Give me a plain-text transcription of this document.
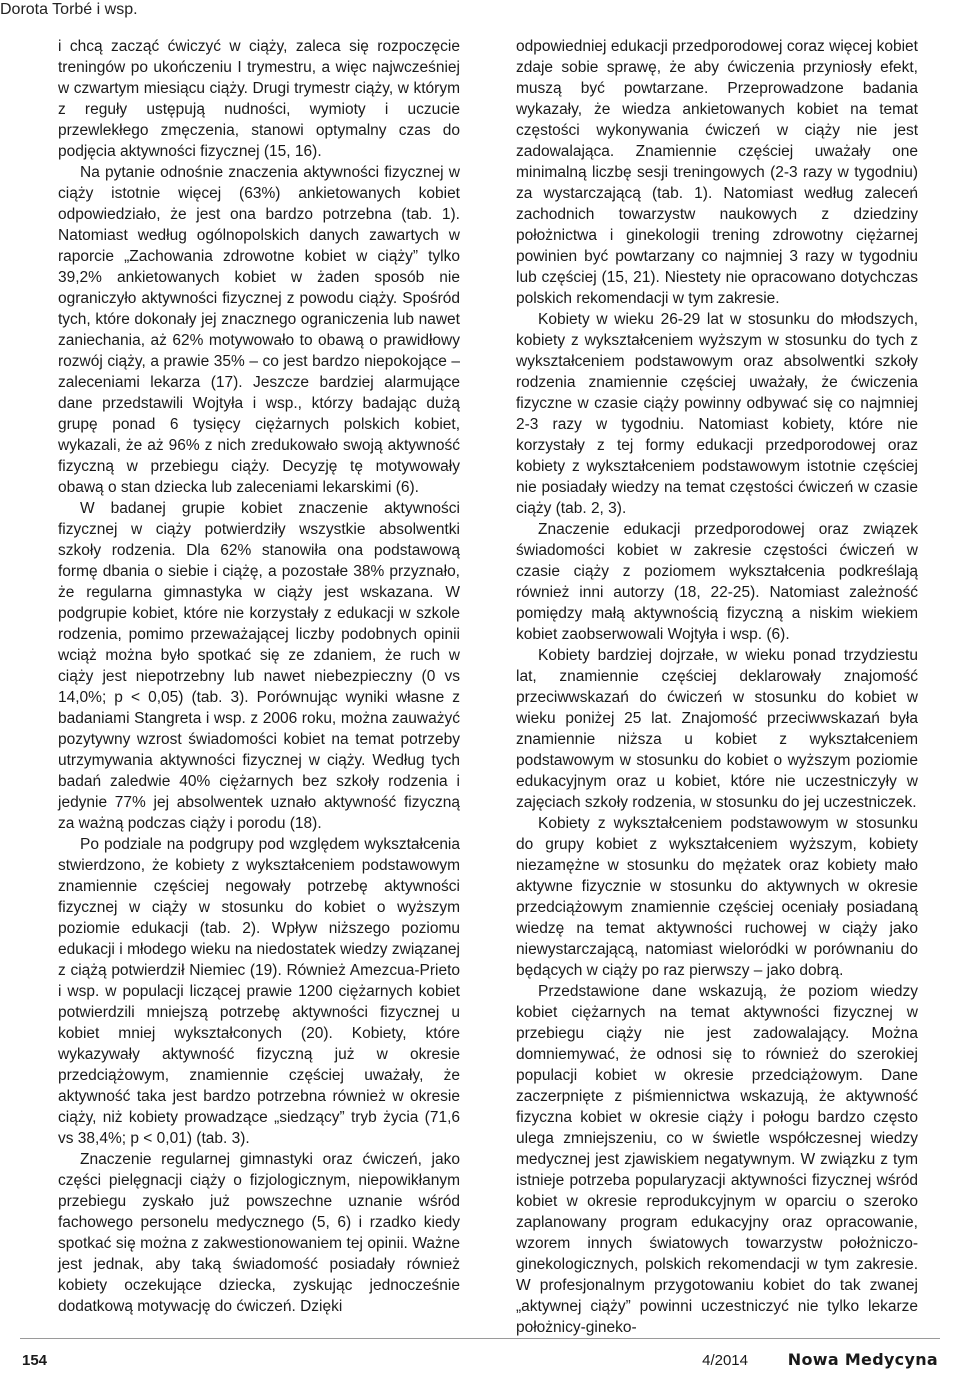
Dorota Torbé i wsp.

i chcą zacząć ćwiczyć w ciąży, zaleca się rozpoczęcie treningów po ukończeniu I trymestru, a więc najwcześniej w czwartym miesiącu ciąży. Drugi trymestr ciąży, w którym z reguły ustępują nudności, wymioty i uczucie przewlekłego zmęczenia, stanowi optymalny czas do podjęcia aktywności fizycznej (15, 16).

Na pytanie odnośnie znaczenia aktywności fizycznej w ciąży istotnie więcej (63%) ankietowanych kobiet odpowiedziało, że jest ona bardzo potrzebna (tab. 1). Natomiast według ogólnopolskich danych zawartych w raporcie „Zachowania zdrowotne kobiet w ciąży” tylko 39,2% ankietowanych kobiet w żaden sposób nie ograniczyło aktywności fizycznej z powodu ciąży. Spośród tych, które dokonały jej znacznego ograniczenia lub nawet zaniechania, aż 62% motywowało to obawą o prawidłowy rozwój ciąży, a prawie 35% – co jest bardzo niepokojące – zaleceniami lekarza (17). Jeszcze bardziej alarmujące dane przedstawili Wojtyła i wsp., którzy badając dużą grupę ponad 6 tysięcy ciężarnych polskich kobiet, wykazali, że aż 96% z nich zredukowało swoją aktywność fizyczną w przebiegu ciąży. Decyzję tę motywowały obawą o stan dziecka lub zaleceniami lekarskimi (6).

W badanej grupie kobiet znaczenie aktywności fizycznej w ciąży potwierdziły wszystkie absolwentki szkoły rodzenia. Dla 62% stanowiła ona podstawową formę dbania o siebie i ciążę, a pozostałe 38% przyznało, że regularna gimnastyka w ciąży jest wskazana. W podgrupie kobiet, które nie korzystały z edukacji w szkole rodzenia, pomimo przeważającej liczby podobnych opinii wciąż można było spotkać się ze zdaniem, że ruch w ciąży jest niepotrzebny lub nawet niebezpieczny (0 vs 14,0%; p < 0,05) (tab. 3). Porównując wyniki własne z badaniami Stangreta i wsp. z 2006 roku, można zauważyć pozytywny wzrost świadomości kobiet na temat potrzeby utrzymywania aktywności fizycznej w ciąży. Według tych badań zaledwie 40% ciężarnych bez szkoły rodzenia i jedynie 77% jej absolwentek uznało aktywność fizyczną za ważną podczas ciąży i porodu (18).

Po podziale na podgrupy pod względem wykształcenia stwierdzono, że kobiety z wykształceniem podstawowym znamiennie częściej negowały potrzebę aktywności fizycznej w ciąży w stosunku do kobiet o wyższym poziomie edukacji (tab. 2). Wpływ niższego poziomu edukacji i młodego wieku na niedostatek wiedzy związanej z ciążą potwierdził Niemiec (19). Również Amezcua-Prieto i wsp. w populacji liczącej prawie 1200 ciężarnych kobiet potwierdzili mniejszą potrzebę aktywności fizycznej u kobiet mniej wykształconych (20). Kobiety, które wykazywały aktywność fizyczną już w okresie przedciążowym, znamiennie częściej uważały, że aktywność taka jest bardzo potrzebna również w okresie ciąży, niż kobiety prowadzące „siedzący” tryb życia (71,6 vs 38,4%; p < 0,01) (tab. 3).

Znaczenie regularnej gimnastyki oraz ćwiczeń, jako części pielęgnacji ciąży o fizjologicznym, niepowikłanym przebiegu zyskało już powszechne uznanie wśród fachowego personelu medycznego (5, 6) i rzadko kiedy spotkać się można z zakwestionowaniem tej opinii. Ważne jest jednak, aby taką świadomość posiadały również kobiety oczekujące dziecka, zyskując jednocześnie dodatkową motywację do ćwiczeń. Dzięki

odpowiedniej edukacji przedporodowej coraz więcej kobiet zdaje sobie sprawę, że aby ćwiczenia przyniosły efekt, muszą być powtarzane. Przeprowadzone badania wykazały, że wiedza ankietowanych kobiet na temat częstości wykonywania ćwiczeń w ciąży nie jest zadowalająca. Znamiennie częściej uważały one minimalną liczbę sesji treningowych (2-3 razy w tygodniu) za wystarczającą (tab. 1). Natomiast według zaleceń zachodnich towarzystw naukowych z dziedziny położnictwa i ginekologii trening zdrowotny ciężarnej powinien być powtarzany co najmniej 3 razy w tygodniu lub częściej (15, 21). Niestety nie opracowano dotychczas polskich rekomendacji w tym zakresie.

Kobiety w wieku 26-29 lat w stosunku do młodszych, kobiety z wykształceniem wyższym w stosunku do tych z wykształceniem podstawowym oraz absolwentki szkoły rodzenia znamiennie częściej uważały, że ćwiczenia fizyczne w czasie ciąży powinny odbywać się co najmniej 2-3 razy w tygodniu. Natomiast kobiety, które nie korzystały z tej formy edukacji przedporodowej oraz kobiety z wykształceniem podstawowym istotnie częściej nie posiadały wiedzy na temat częstości ćwiczeń w czasie ciąży (tab. 2, 3).

Znaczenie edukacji przedporodowej oraz związek świadomości kobiet w zakresie częstości ćwiczeń w czasie ciąży z poziomem wykształcenia podkreślają również inni autorzy (18, 22-25). Natomiast zależność pomiędzy małą aktywnością fizyczną a niskim wiekiem kobiet zaobserwowali Wojtyła i wsp. (6).

Kobiety bardziej dojrzałe, w wieku ponad trzydziestu lat, znamiennie częściej deklarowały znajomość przeciwwskazań do ćwiczeń w stosunku do kobiet w wieku poniżej 25 lat. Znajomość przeciwwskazań była znamiennie niższa u kobiet z wykształceniem podstawowym w stosunku do kobiet o wyższym poziomie edukacyjnym oraz u kobiet, które nie uczestniczyły w zajęciach szkoły rodzenia, w stosunku do jej uczestniczek.

Kobiety z wykształceniem podstawowym w stosunku do grupy kobiet z wykształceniem wyższym, kobiety niezamężne w stosunku do mężatek oraz kobiety mało aktywne fizycznie w stosunku do aktywnych w okresie przedciążowym znamiennie częściej oceniały posiadaną wiedzę na temat aktywności ruchowej w ciąży jako niewystarczającą, natomiast wieloródki w porównaniu do będących w ciąży po raz pierwszy – jako dobrą.

Przedstawione dane wskazują, że poziom wiedzy kobiet ciężarnych na temat aktywności fizycznej w przebiegu ciąży nie jest zadowalający. Można domniemywać, że odnosi się to również do szerokiej populacji kobiet w okresie przedciążowym. Dane zaczerpnięte z piśmiennictwa wskazują, że aktywność fizyczna kobiet w okresie ciąży i połogu bardzo często ulega zmniejszeniu, co w świetle współczesnej wiedzy medycznej jest zjawiskiem negatywnym. W związku z tym istnieje potrzeba popularyzacji aktywności fizycznej wśród kobiet w okresie reprodukcyjnym w oparciu o szeroko zaplanowany program edukacyjny oraz opracowanie, wzorem innych światowych towarzystw położniczo-ginekologicznych, polskich rekomendacji w tym zakresie. W profesjonalnym przygotowaniu kobiet do tak zwanej „aktywnej ciąży” powinni uczestniczyć nie tylko lekarze położnicy-gineko-

154	4/2014 Nowa Medycyna
